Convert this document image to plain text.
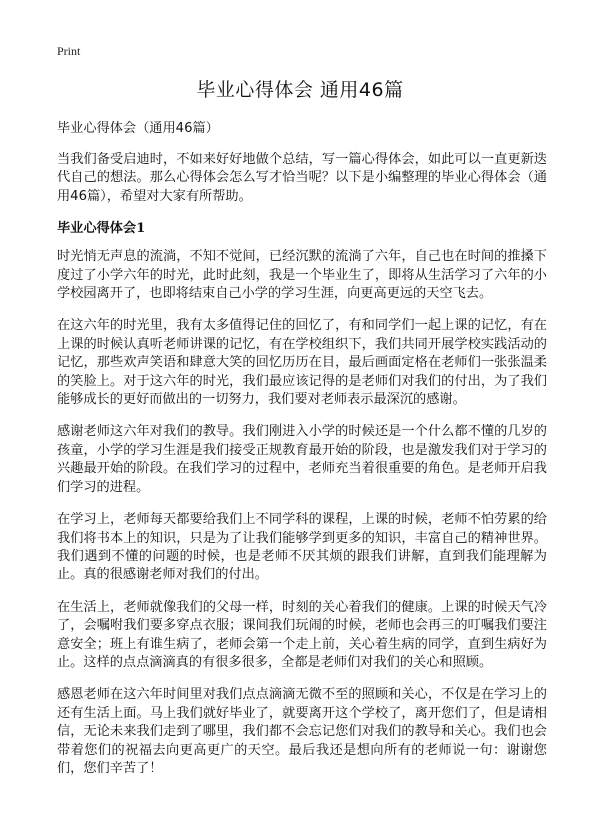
Print
毕业心得体会 通用46篇

毕业心得体会（通用46篇）

当我们备受启迪时，不如来好好地做个总结，写一篇心得体会，如此可以一直更新迭代自己的想法。那么心得体会怎么写才恰当呢？以下是小编整理的毕业心得体会（通用46篇），希望对大家有所帮助。

毕业心得体会1

时光悄无声息的流淌，不知不觉间，已经沉默的流淌了六年，自己也在时间的推搡下度过了小学六年的时光，此时此刻，我是一个毕业生了，即将从生活学习了六年的小学校园离开了，也即将结束自己小学的学习生涯，向更高更远的天空飞去。

在这六年的时光里，我有太多值得记住的回忆了，有和同学们一起上课的记忆，有在上课的时候认真听老师讲课的记忆，有在学校组织下，我们共同开展学校实践活动的记忆，那些欢声笑语和肆意大笑的回忆历历在目，最后画面定格在老师们一张张温柔的笑脸上。对于这六年的时光，我们最应该记得的是老师们对我们的付出，为了我们能够成长的更好而做出的一切努力，我们要对老师表示最深沉的感谢。

感谢老师这六年对我们的教导。我们刚进入小学的时候还是一个什么都不懂的几岁的孩童，小学的学习生涯是我们接受正规教育最开始的阶段，也是激发我们对于学习的兴趣最开始的阶段。在我们学习的过程中，老师充当着很重要的角色。是老师开启我们学习的进程。

在学习上，老师每天都要给我们上不同学科的课程，上课的时候，老师不怕劳累的给我们将书本上的知识，只是为了让我们能够学到更多的知识，丰富自己的精神世界。我们遇到不懂的问题的时候，也是老师不厌其烦的跟我们讲解，直到我们能理解为止。真的很感谢老师对我们的付出。

在生活上，老师就像我们的父母一样，时刻的关心着我们的健康。上课的时候天气冷了，会嘱咐我们要多穿点衣服；课间我们玩闹的时候，老师也会再三的叮嘱我们要注意安全；班上有谁生病了，老师会第一个走上前，关心着生病的同学，直到生病好为止。这样的点点滴滴真的有很多很多，全都是老师们对我们的关心和照顾。

感恩老师在这六年时间里对我们点点滴滴无微不至的照顾和关心，不仅是在学习上的还有生活上面。马上我们就好毕业了，就要离开这个学校了，离开您们了，但是请相信，无论未来我们走到了哪里，我们都不会忘记您们对我们的教导和关心。我们也会带着您们的祝福去向更高更广的天空。最后我还是想向所有的老师说一句：谢谢您们，您们辛苦了！
